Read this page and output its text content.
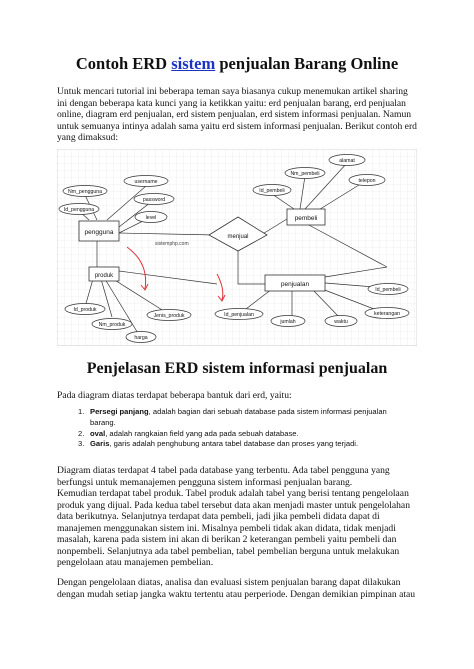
Contoh ERD sistem penjualan Barang Online

Untuk mencari tutorial ini beberapa teman saya biasanya cukup menemukan artikel sharing ini dengan beberapa kata kunci yang ia ketikkan yaitu: erd penjualan barang, erd penjualan online, diagram erd penjualan, erd sistem penjualan, erd sistem informasi penjualan. Namun untuk semuanya intinya adalah sama yaitu erd sistem informasi penjualan. Berikut contoh erd yang dimaksud:

pengguna
pembeli
produk
penjualan
menjual
Nm_pengguna
username
Id_pengguna
password
level
alamat
Nm_pembeli
telepon
Id_pembeli
Id_produk
Jenis_produk
Nm_produk
harga
Id_pembeli
Id_penjualan
jumlah	waktu
keterangan
sistemphp.com
Penjelasan ERD sistem informasi penjualan

Pada diagram diatas terdapat beberapa bantuk dari erd, yaitu:

1. Persegi panjang, adalah bagian dari sebuah database pada sistem informasi penjualan barang.
2. oval, adalah rangkaian field yang ada pada sebuah database.
3. Garis, garis adalah penghubung antara tabel database dan proses yang terjadi.

Diagram diatas terdapat 4 tabel pada database yang terbentu. Ada tabel pengguna yang berfungsi untuk memanajemen pengguna sistem informasi penjualan barang.

Kemudian terdapat tabel produk. Tabel produk adalah tabel yang berisi tentang pengelolaan produk yang dijual. Pada kedua tabel tersebut data akan menjadi master untuk pengelolahan data berikutnya. Selanjutnya terdapat data pembeli, jadi jika pembeli didata dapat di manajemen menggunakan sistem ini. Misalnya pembeli tidak akan didata, tidak menjadi masalah, karena pada sistem ini akan di berikan 2 keterangan pembeli yaitu pembeli dan nonpembeli. Selanjutnya ada tabel pembelian, tabel pembelian berguna untuk melakukan pengelolaan atau manajemen pembelian.

Dengan pengelolaan diatas, analisa dan evaluasi sistem penjualan barang dapat dilakukan dengan mudah setiap jangka waktu tertentu atau perperiode. Dengan demikian pimpinan atau
